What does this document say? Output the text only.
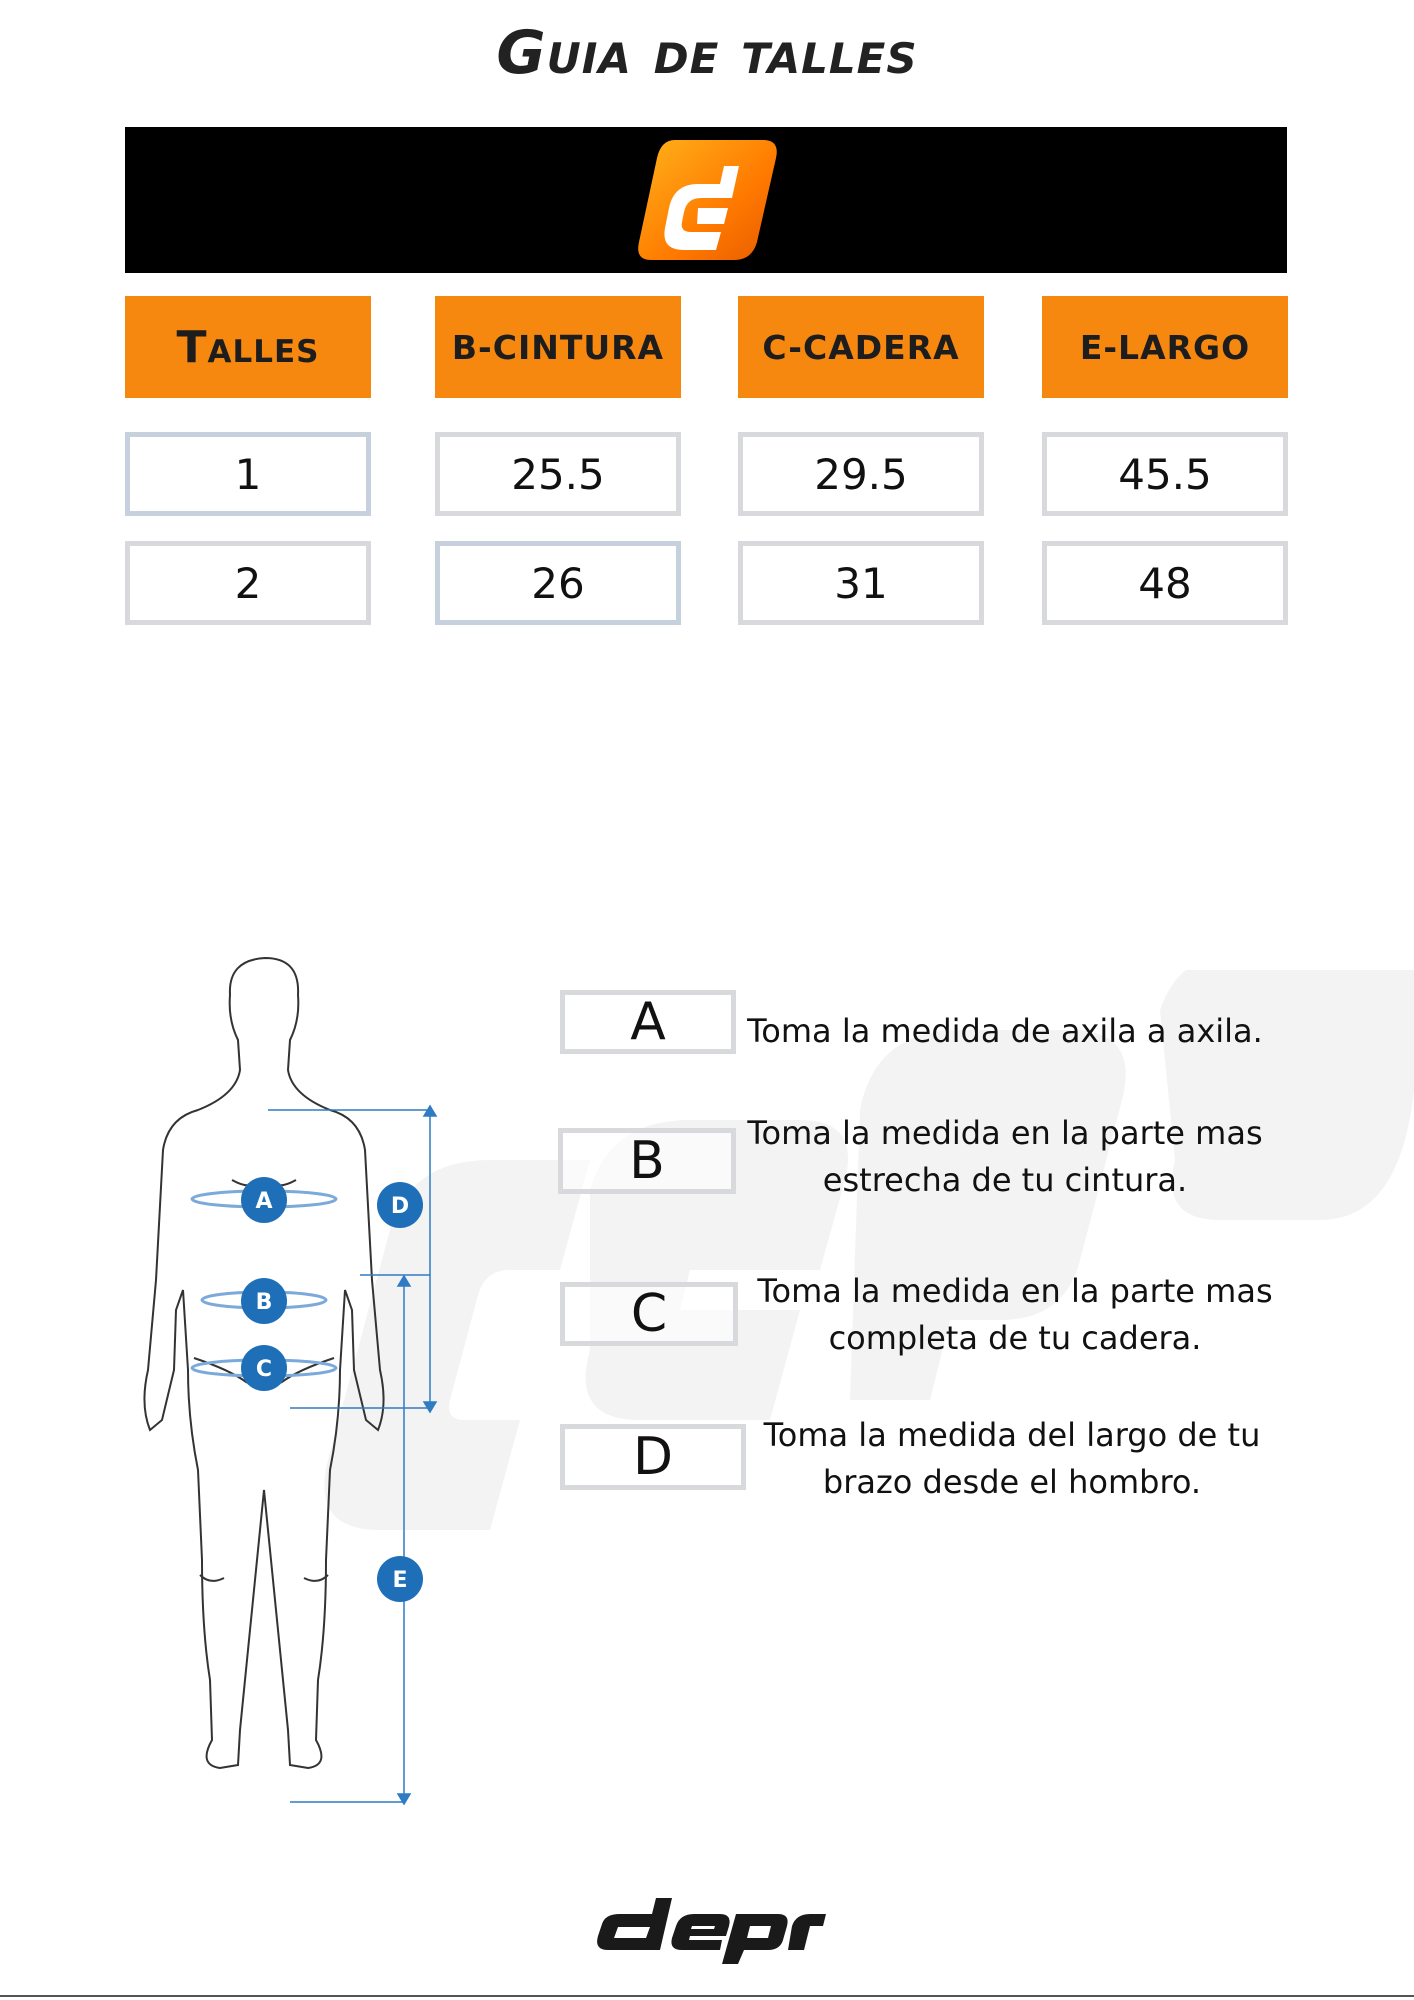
Guia de talles
Talles	B-CINTURA	C-CADERA	E-LARGO
1	25.5	29.5	45.5
2	26	31	48
A
B
C
D
E
A	Toma la medida de axila a axila.
B	Toma la medida en la parte mas estrecha de tu cintura.
C	Toma la medida en la parte mas completa de tu cadera.
D	Toma la medida del largo de tu brazo desde el hombro.
